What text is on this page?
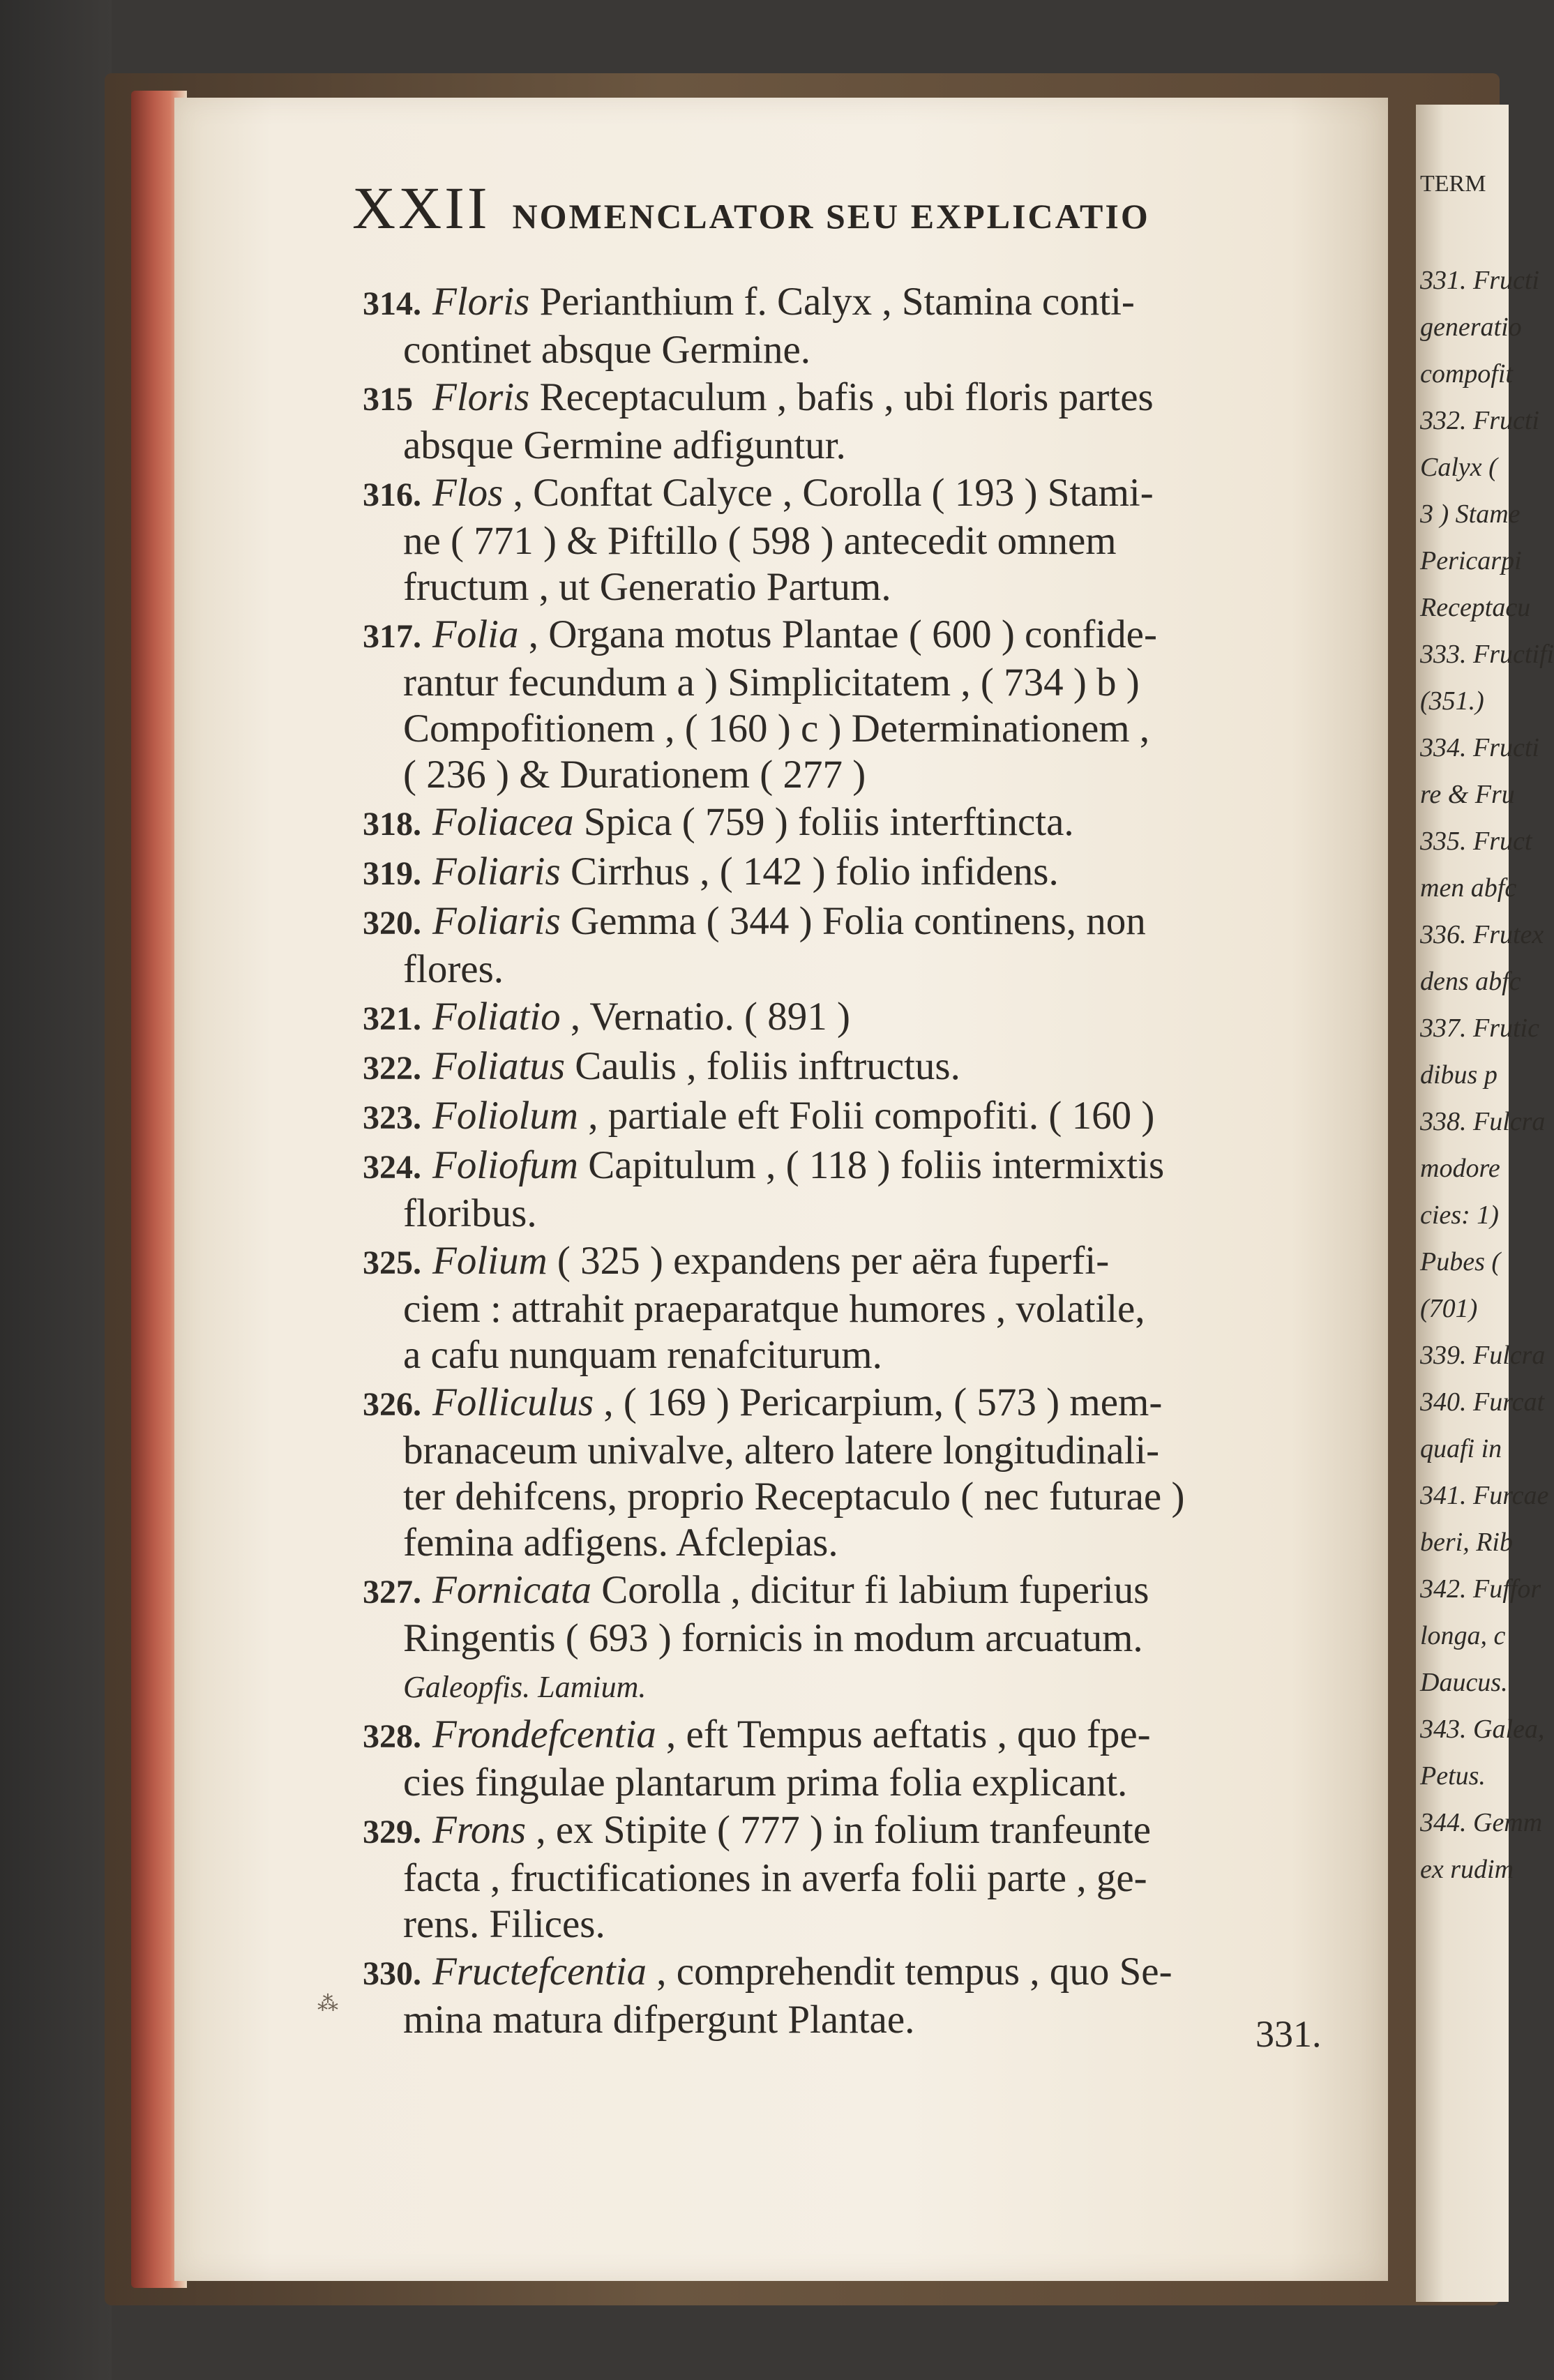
XXII NOMENCLATOR SEU EXPLICATIO
314. Floris Perianthium f. Calyx , Stamina conti-
continet absque Germine.
315 Floris Receptaculum , bafis , ubi floris partes
absque Germine adfiguntur.
316. Flos , Conftat Calyce , Corolla ( 193 ) Stami-
ne ( 771 ) & Piftillo ( 598 ) antecedit omnem
fructum , ut Generatio Partum.
317. Folia , Organa motus Plantae ( 600 ) confide-
rantur fecundum a ) Simplicitatem , ( 734 ) b )
Compofitionem , ( 160 ) c ) Determinationem ,
( 236 ) & Durationem ( 277 )
318. Foliacea Spica ( 759 ) foliis interftincta.
319. Foliaris Cirrhus , ( 142 ) folio infidens.
320. Foliaris Gemma ( 344 ) Folia continens, non
flores.
321. Foliatio , Vernatio. ( 891 )
322. Foliatus Caulis , foliis inftructus.
323. Foliolum , partiale eft Folii compofiti. ( 160 )
324. Foliofum Capitulum , ( 118 ) foliis intermixtis
floribus.
325. Folium ( 325 ) expandens per aëra fuperfi-
ciem : attrahit praeparatque humores , volatile,
a cafu nunquam renafciturum.
326. Folliculus , ( 169 ) Pericarpium, ( 573 ) mem-
branaceum univalve, altero latere longitudinali-
ter dehifcens, proprio Receptaculo ( nec futurae )
femina adfigens. Afclepias.
327. Fornicata Corolla , dicitur fi labium fuperius
Ringentis ( 693 ) fornicis in modum arcuatum.
Galeopfis. Lamium.
328. Frondefcentia , eft Tempus aeftatis , quo fpe-
cies fingulae plantarum prima folia explicant.
329. Frons , ex Stipite ( 777 ) in folium tranfeunte
facta , fructificationes in averfa folii parte , ge-
rens. Filices.
330. Fructefcentia , comprehendit tempus , quo Se-
mina matura difpergunt Plantae.
⁂
331.
TERM
331. Fructi
generatio
compofit
332. Fructi
Calyx (
3 ) Stame
Pericarpi
Receptacu
333. Fructifi
(351.)
334. Fructi
re & Fru
335. Fruct
men abfc
336. Frutex
dens abfc
337. Frutic
dibus p
338. Fulcra
modore
cies: 1)
Pubes (
(701)
339. Fulcra
340. Furcat
quafi in
341. Furcae
beri, Rib
342. Fuffor
longa, c
Daucus.
343. Galea,
Petus.
344. Gemm
ex rudim
